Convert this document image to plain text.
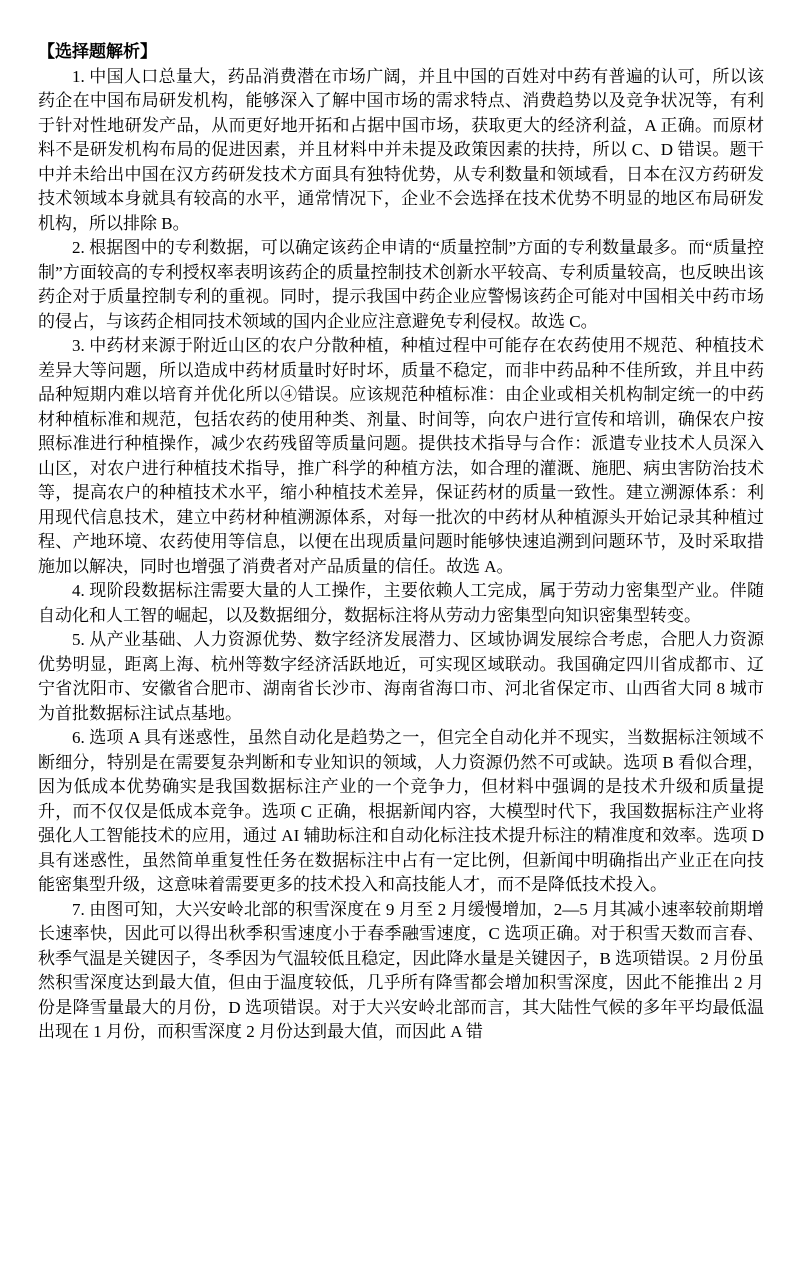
【选择题解析】

1. 中国人口总量大，药品消费潜在市场广阔，并且中国的百姓对中药有普遍的认可，所以该药企在中国布局研发机构，能够深入了解中国市场的需求特点、消费趋势以及竞争状况等，有利于针对性地研发产品，从而更好地开拓和占据中国市场，获取更大的经济利益，A 正确。而原材料不是研发机构布局的促进因素，并且材料中并未提及政策因素的扶持，所以 C、D 错误。题干中并未给出中国在汉方药研发技术方面具有独特优势，从专利数量和领域看，日本在汉方药研发技术领域本身就具有较高的水平，通常情况下，企业不会选择在技术优势不明显的地区布局研发机构，所以排除 B。

2. 根据图中的专利数据，可以确定该药企申请的“质量控制”方面的专利数量最多。而“质量控制”方面较高的专利授权率表明该药企的质量控制技术创新水平较高、专利质量较高，也反映出该药企对于质量控制专利的重视。同时，提示我国中药企业应警惕该药企可能对中国相关中药市场的侵占，与该药企相同技术领域的国内企业应注意避免专利侵权。故选 C。

3. 中药材来源于附近山区的农户分散种植，种植过程中可能存在农药使用不规范、种植技术差异大等问题，所以造成中药材质量时好时坏，质量不稳定，而非中药品种不佳所致，并且中药品种短期内难以培育并优化所以④错误。应该规范种植标准：由企业或相关机构制定统一的中药材种植标准和规范，包括农药的使用种类、剂量、时间等，向农户进行宣传和培训，确保农户按照标准进行种植操作，减少农药残留等质量问题。提供技术指导与合作：派遣专业技术人员深入山区，对农户进行种植技术指导，推广科学的种植方法，如合理的灌溉、施肥、病虫害防治技术等，提高农户的种植技术水平，缩小种植技术差异，保证药材的质量一致性。建立溯源体系：利用现代信息技术，建立中药材种植溯源体系，对每一批次的中药材从种植源头开始记录其种植过程、产地环境、农药使用等信息，以便在出现质量问题时能够快速追溯到问题环节，及时采取措施加以解决，同时也增强了消费者对产品质量的信任。故选 A。

4. 现阶段数据标注需要大量的人工操作，主要依赖人工完成，属于劳动力密集型产业。伴随自动化和人工智的崛起，以及数据细分，数据标注将从劳动力密集型向知识密集型转变。

5. 从产业基础、人力资源优势、数字经济发展潜力、区域协调发展综合考虑，合肥人力资源优势明显，距离上海、杭州等数字经济活跃地近，可实现区域联动。我国确定四川省成都市、辽宁省沈阳市、安徽省合肥市、湖南省长沙市、海南省海口市、河北省保定市、山西省大同 8 城市为首批数据标注试点基地。

6. 选项 A 具有迷惑性，虽然自动化是趋势之一，但完全自动化并不现实，当数据标注领域不断细分，特别是在需要复杂判断和专业知识的领域，人力资源仍然不可或缺。选项 B 看似合理，因为低成本优势确实是我国数据标注产业的一个竞争力，但材料中强调的是技术升级和质量提升，而不仅仅是低成本竞争。选项 C 正确，根据新闻内容，大模型时代下，我国数据标注产业将强化人工智能技术的应用，通过 AI 辅助标注和自动化标注技术提升标注的精准度和效率。选项 D 具有迷惑性，虽然简单重复性任务在数据标注中占有一定比例，但新闻中明确指出产业正在向技能密集型升级，这意味着需要更多的技术投入和高技能人才，而不是降低技术投入。

7. 由图可知，大兴安岭北部的积雪深度在 9 月至 2 月缓慢增加，2—5 月其减小速率较前期增长速率快，因此可以得出秋季积雪速度小于春季融雪速度，C 选项正确。对于积雪天数而言春、秋季气温是关键因子，冬季因为气温较低且稳定，因此降水量是关键因子，B 选项错误。2 月份虽然积雪深度达到最大值，但由于温度较低，几乎所有降雪都会增加积雪深度，因此不能推出 2 月份是降雪量最大的月份，D 选项错误。对于大兴安岭北部而言，其大陆性气候的多年平均最低温出现在 1 月份，而积雪深度 2 月份达到最大值，而因此 A 错
